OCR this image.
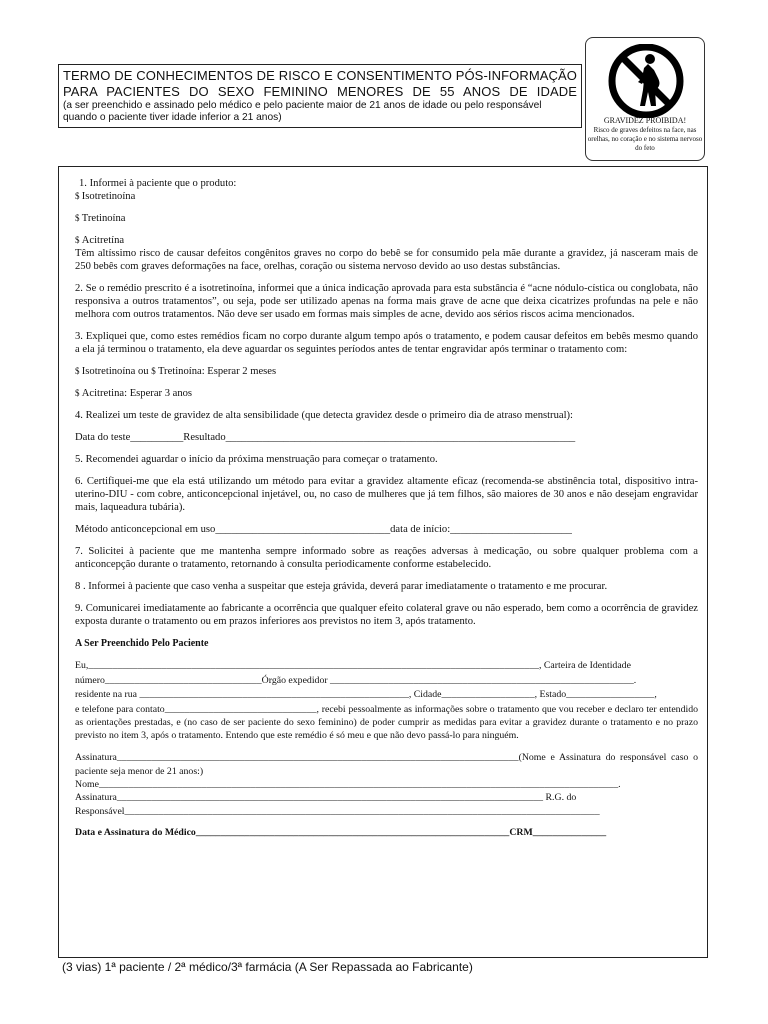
TERMO DE CONHECIMENTOS DE RISCO E CONSENTIMENTO PÓS-INFORMAÇÃO
PARA PACIENTES DO SEXO FEMININO MENORES DE 55 ANOS DE IDADE
(a ser preenchido e assinado pelo médico e pelo paciente maior de 21 anos de idade ou pelo responsável quando o paciente tiver idade inferior a 21 anos)	GRAVIDEZ PROIBIDA!
Risco de graves defeitos na face, nas orelhas, no coração e no sistema nervoso do feto

1. Informei à paciente que o produto:

$ Isotretinoína

$ Tretinoína

$ Acitretína

Têm altíssimo risco de causar defeitos congênitos graves no corpo do bebê se for consumido pela mãe durante a gravidez, já nasceram mais de 250 bebês com graves deformações na face, orelhas, coração ou sistema nervoso devido ao uso destas substâncias.

2. Se o remédio prescrito é a isotretinoína, informei que a única indicação aprovada para esta substância é “acne nódulo-cística ou conglobata, não responsiva a outros tratamentos”, ou seja, pode ser utilizado apenas na forma mais grave de acne que deixa cicatrizes profundas na pele e não melhora com outros tratamentos. Não deve ser usado em formas mais simples de acne, devido aos sérios riscos acima mencionados.

3. Expliquei que, como estes remédios ficam no corpo durante algum tempo após o tratamento, e podem causar defeitos em bebês mesmo quando a ela já terminou o tratamento, ela deve aguardar os seguintes períodos antes de tentar engravidar após terminar o tratamento com:

$ Isotretinoína ou $ Tretinoína: Esperar 2 meses

$ Acitretina: Esperar 3 anos

4. Realizei um teste de gravidez de alta sensibilidade (que detecta gravidez desde o primeiro dia de atraso menstrual):

Data do teste__________Resultado__________________________________________________________________

5. Recomendei aguardar o início da próxima menstruação para começar o tratamento.

6. Certifiquei-me que ela está utilizando um método para evitar a gravidez altamente eficaz (recomenda-se abstinência total, dispositivo intra-uterino-DIU - com cobre, anticoncepcional injetável, ou, no caso de mulheres que já tem filhos, são maiores de 30 anos e não desejam engravidar mais, laqueadura tubária).

Método anticoncepcional em uso_________________________________data de início:_______________________

7. Solicitei à paciente que me mantenha sempre informado sobre as reações adversas à medicação, ou sobre qualquer problema com a anticoncepção durante o tratamento, retornando à consulta periodicamente conforme estabelecido.

8 . Informei à paciente que caso venha a suspeitar que esteja grávida, deverá parar imediatamente o tratamento e me procurar.

9. Comunicarei imediatamente ao fabricante a ocorrência que qualquer efeito colateral grave ou não esperado, bem como a ocorrência de gravidez exposta durante o tratamento ou em prazos inferiores aos previstos no item 3, após tratamento.

A Ser Preenchido Pelo Paciente

Eu,____________________________________________________________________________________________, Carteira de Identidade

número________________________________Órgão expedidor ______________________________________________________________.

residente na rua _______________________________________________________, Cidade___________________, Estado__________________,

e telefone para contato_______________________________, recebi pessoalmente as informações sobre o tratamento que vou receber e declaro ter entendido as orientações prestadas, e (no caso de ser paciente do sexo feminino) de poder cumprir as medidas para evitar a gravidez durante o tratamento e no prazo previsto no item 3, após o tratamento. Entendo que este remédio é só meu e que não devo passá-lo para ninguém.

Assinatura__________________________________________________________________________________(Nome e Assinatura do responsável caso o paciente seja menor de 21 anos:)

Nome__________________________________________________________________________________________________________.

Assinatura_______________________________________________________________________________________ R.G. do

Responsável_________________________________________________________________________________________________

Data e Assinatura do Médico________________________________________________________________CRM_______________

(3 vias) 1ª paciente / 2ª médico/3ª farmácia (A Ser Repassada ao Fabricante)
